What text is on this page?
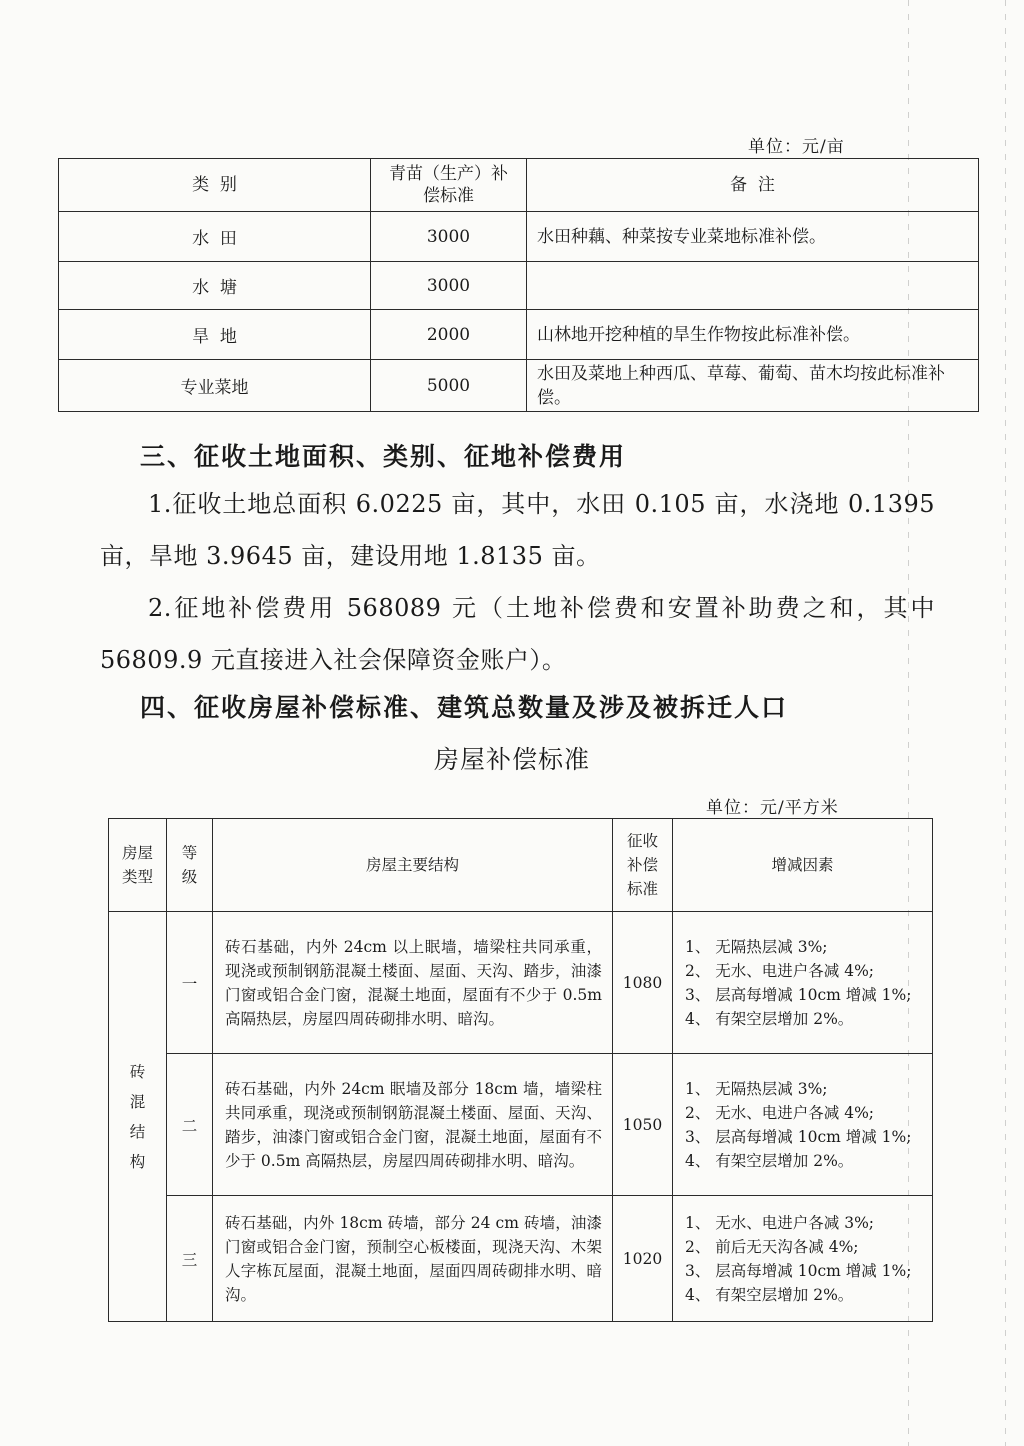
单位：元/亩
类  别	青苗（生产）补偿标准	备  注
水  田	3000	水田种藕、种菜按专业菜地标准补偿。
水  塘	3000	
旱  地	2000	山林地开挖种植的旱生作物按此标准补偿。
专业菜地	5000	水田及菜地上种西瓜、草莓、葡萄、苗木均按此标准补偿。
三、征收土地面积、类别、征地补偿费用
1.征收土地总面积 6.0225 亩，其中，水田 0.105 亩，水浇地 0.1395 亩，旱地 3.9645 亩，建设用地 1.8135 亩。
2.征地补偿费用 568089 元（土地补偿费和安置补助费之和，其中 56809.9 元直接进入社会保障资金账户）。
四、征收房屋补偿标准、建筑总数量及涉及被拆迁人口
房屋补偿标准
单位：元/平方米
房屋类型	等级	房屋主要结构	征收补偿标准	增减因素
砖混结构	一	砖石基础，内外 24cm 以上眠墙，墙梁柱共同承重，现浇或预制钢筋混凝土楼面、屋面、天沟、踏步，油漆门窗或铝合金门窗，混凝土地面，屋面有不少于 0.5m 高隔热层，房屋四周砖砌排水明、暗沟。	1080	1、 无隔热层减 3%;
2、 无水、电进户各减 4%;
3、 层高每增减 10cm 增减 1%;
4、 有架空层增加 2%。

	二	砖石基础，内外 24cm 眠墙及部分 18cm 墙，墙梁柱共同承重，现浇或预制钢筋混凝土楼面、屋面、天沟、踏步，油漆门窗或铝合金门窗，混凝土地面，屋面有不少于 0.5m 高隔热层，房屋四周砖砌排水明、暗沟。	1050	1、 无隔热层减 3%;
2、 无水、电进户各减 4%;
3、 层高每增减 10cm 增减 1%;
4、 有架空层增加 2%。

	三	砖石基础，内外 18cm 砖墙，部分 24 cm 砖墙，油漆门窗或铝合金门窗，预制空心板楼面，现浇天沟、木架人字栋瓦屋面，混凝土地面，屋面四周砖砌排水明、暗沟。	1020	1、 无水、电进户各减 3%;
2、 前后无天沟各减 4%;
3、 层高每增减 10cm 增减 1%;
4、 有架空层增加 2%。
